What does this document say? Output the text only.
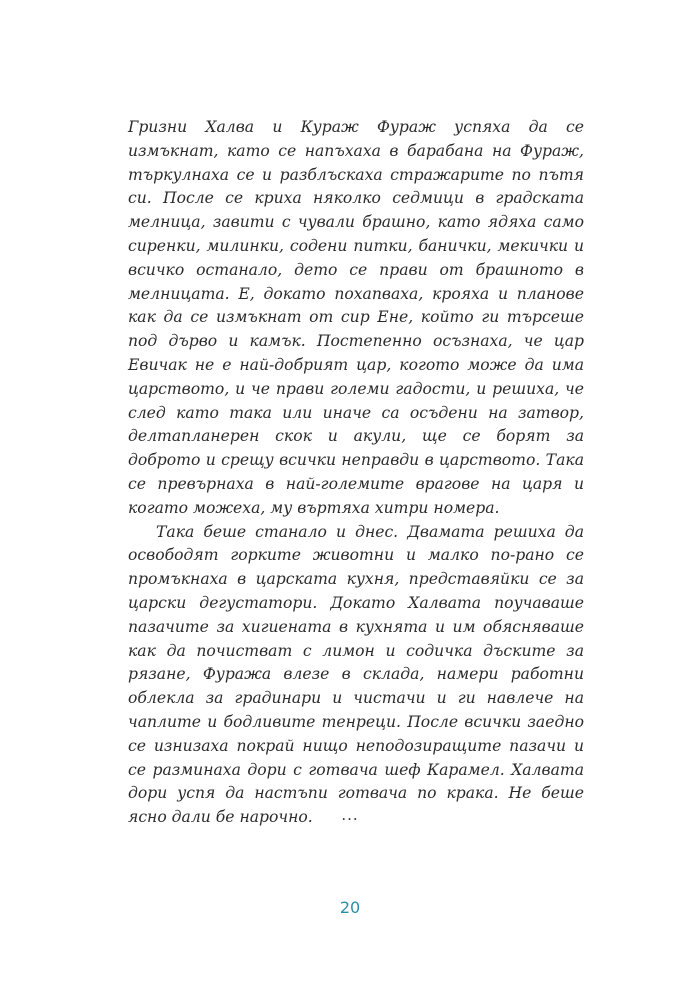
Гризни Халва и Кураж Фураж успяха да се измъкнат, като се напъхаха в барабана на Фураж, търкулнаха се и разблъскаха стражарите по пътя си. После се криха няколко седмици в градската мелница, завити с чували брашно, като ядяха само сиренки, милинки, содени питки, банички, мекички и всичко останало, дето се прави от брашното в мелницата. Е, докато похапваха, крояха и планове как да се измъкнат от сир Ене, който ги търсеше под дърво и камък. Постепенно осъзнаха, че цар Евичак не е най-добрият цар, когото може да има царството, и че прави големи гадости, и решиха, че след като така или иначе са осъдени на затвор, делтапланерен скок и акули, ще се борят за доброто и срещу всички неправди в царството. Така се превърнаха в най-големите врагове на царя и когато можеха, му въртяха хитри номера.

Така беше станало и днес. Двамата решиха да освободят горките животни и малко по-рано се промъкнаха в царската кухня, представяйки се за царски дегустатори. Докато Халвата поучаваше пазачите за хигиената в кухнята и им обясняваше как да почистват с лимон и содичка дъските за рязане, Фуража влезе в склада, намери работни облекла за градинари и чистачи и ги навлече на чаплите и бодливите тенреци. После всички заедно се изнизаха покрай нищо неподозиращите пазачи и се разминаха дори с готвача шеф Карамел. Халвата дори успя да настъпи готвача по крака. Не беше ясно дали бе нарочно.	...
20
